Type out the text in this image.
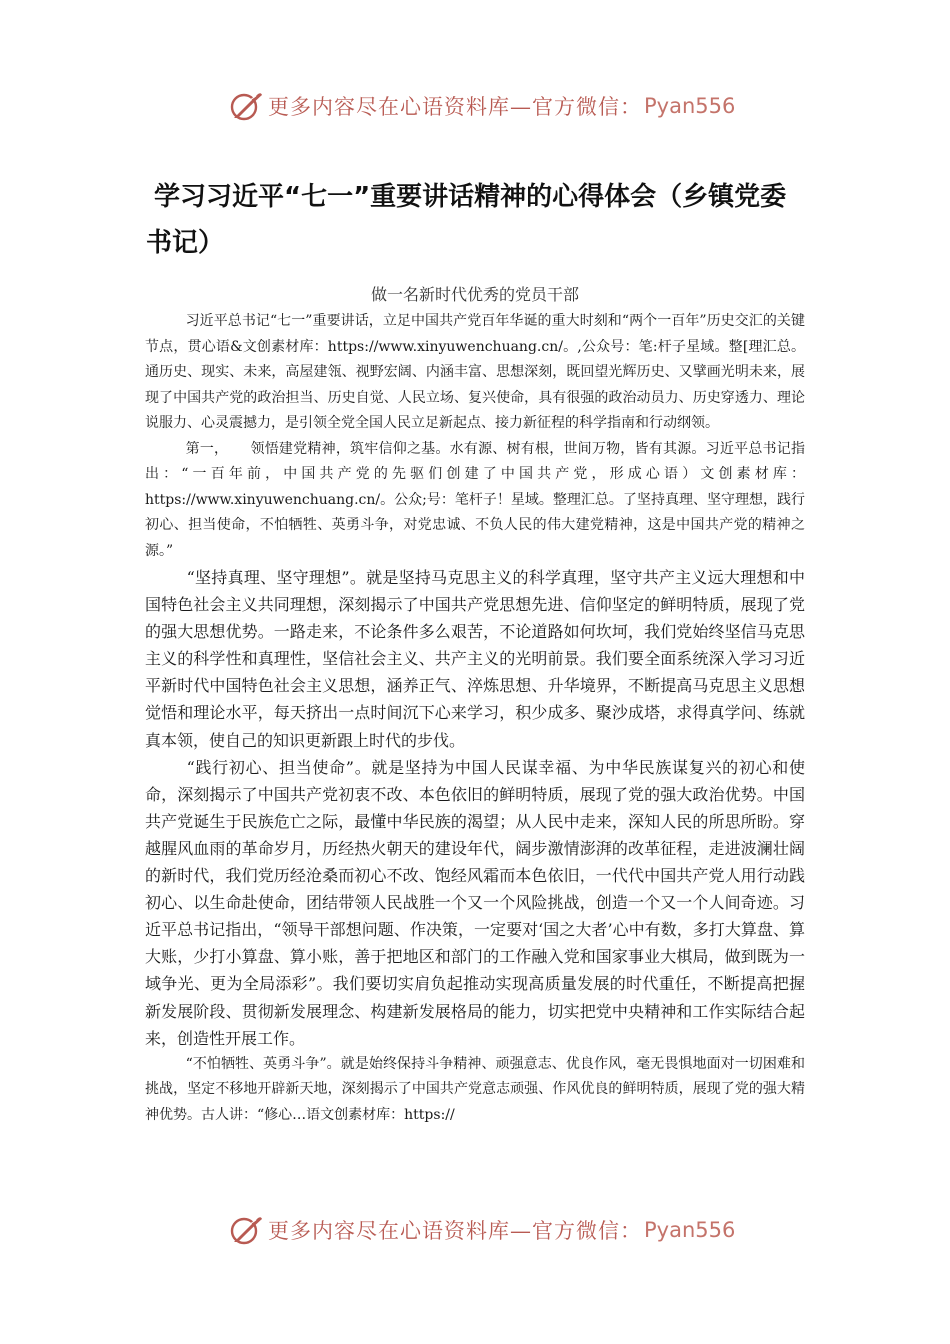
更多内容尽在心语资料库—官方微信： Pyan556
学习习近平“七一”重要讲话精神的心得体会（乡镇党委书记）
做一名新时代优秀的党员干部

习近平总书记“七一”重要讲话，立足中国共产党百年华诞的重大时刻和“两个一百年”历史交汇的关键节点，贯心语&文创素材库：https://www.xinyuwenchuang.cn/。,公众号：笔:杆子星域。整[理汇总。通历史、现实、未来，高屋建瓴、视野宏阔、内涵丰富、思想深刻，既回望光辉历史、又擘画光明未来，展现了中国共产党的政治担当、历史自觉、人民立场、复兴使命，具有很强的政治动员力、历史穿透力、理论说服力、心灵震撼力，是引领全党全国人民立足新起点、接力新征程的科学指南和行动纲领。

第一， 领悟建党精神，筑牢信仰之基。水有源、树有根，世间万物，皆有其源。习近平总书记指出：“一百年前，中国共产党的先驱们创建了中国共产党，形成心语）文创素材库：https://www.xinyuwenchuang.cn/。公众;号：笔杆子！星域。整理汇总。了坚持真理、坚守理想，践行初心、担当使命，不怕牺牲、英勇斗争，对党忠诚、不负人民的伟大建党精神，这是中国共产党的精神之源。”

“坚持真理、坚守理想”。就是坚持马克思主义的科学真理，坚守共产主义远大理想和中国特色社会主义共同理想，深刻揭示了中国共产党思想先进、信仰坚定的鲜明特质，展现了党的强大思想优势。一路走来，不论条件多么艰苦，不论道路如何坎坷，我们党始终坚信马克思主义的科学性和真理性，坚信社会主义、共产主义的光明前景。我们要全面系统深入学习习近平新时代中国特色社会主义思想，涵养正气、淬炼思想、升华境界，不断提高马克思主义思想觉悟和理论水平，每天挤出一点时间沉下心来学习，积少成多、聚沙成塔，求得真学问、练就真本领，使自己的知识更新跟上时代的步伐。

“践行初心、担当使命”。就是坚持为中国人民谋幸福、为中华民族谋复兴的初心和使命，深刻揭示了中国共产党初衷不改、本色依旧的鲜明特质，展现了党的强大政治优势。中国共产党诞生于民族危亡之际，最懂中华民族的渴望；从人民中走来，深知人民的所思所盼。穿越腥风血雨的革命岁月，历经热火朝天的建设年代，阔步激情澎湃的改革征程，走进波澜壮阔的新时代，我们党历经沧桑而初心不改、饱经风霜而本色依旧，一代代中国共产党人用行动践初心、以生命赴使命，团结带领人民战胜一个又一个风险挑战，创造一个又一个人间奇迹。习近平总书记指出，“领导干部想问题、作决策，一定要对‘国之大者’心中有数，多打大算盘、算大账，少打小算盘、算小账，善于把地区和部门的工作融入党和国家事业大棋局，做到既为一域争光、更为全局添彩”。我们要切实肩负起推动实现高质量发展的时代重任，不断提高把握新发展阶段、贯彻新发展理念、构建新发展格局的能力，切实把党中央精神和工作实际结合起来，创造性开展工作。

“不怕牺牲、英勇斗争”。就是始终保持斗争精神、顽强意志、优良作风，毫无畏惧地面对一切困难和挑战，坚定不移地开辟新天地，深刻揭示了中国共产党意志顽强、作风优良的鲜明特质，展现了党的强大精神优势。古人讲：“修心…语文创素材库：https://

更多内容尽在心语资料库—官方微信： Pyan556
